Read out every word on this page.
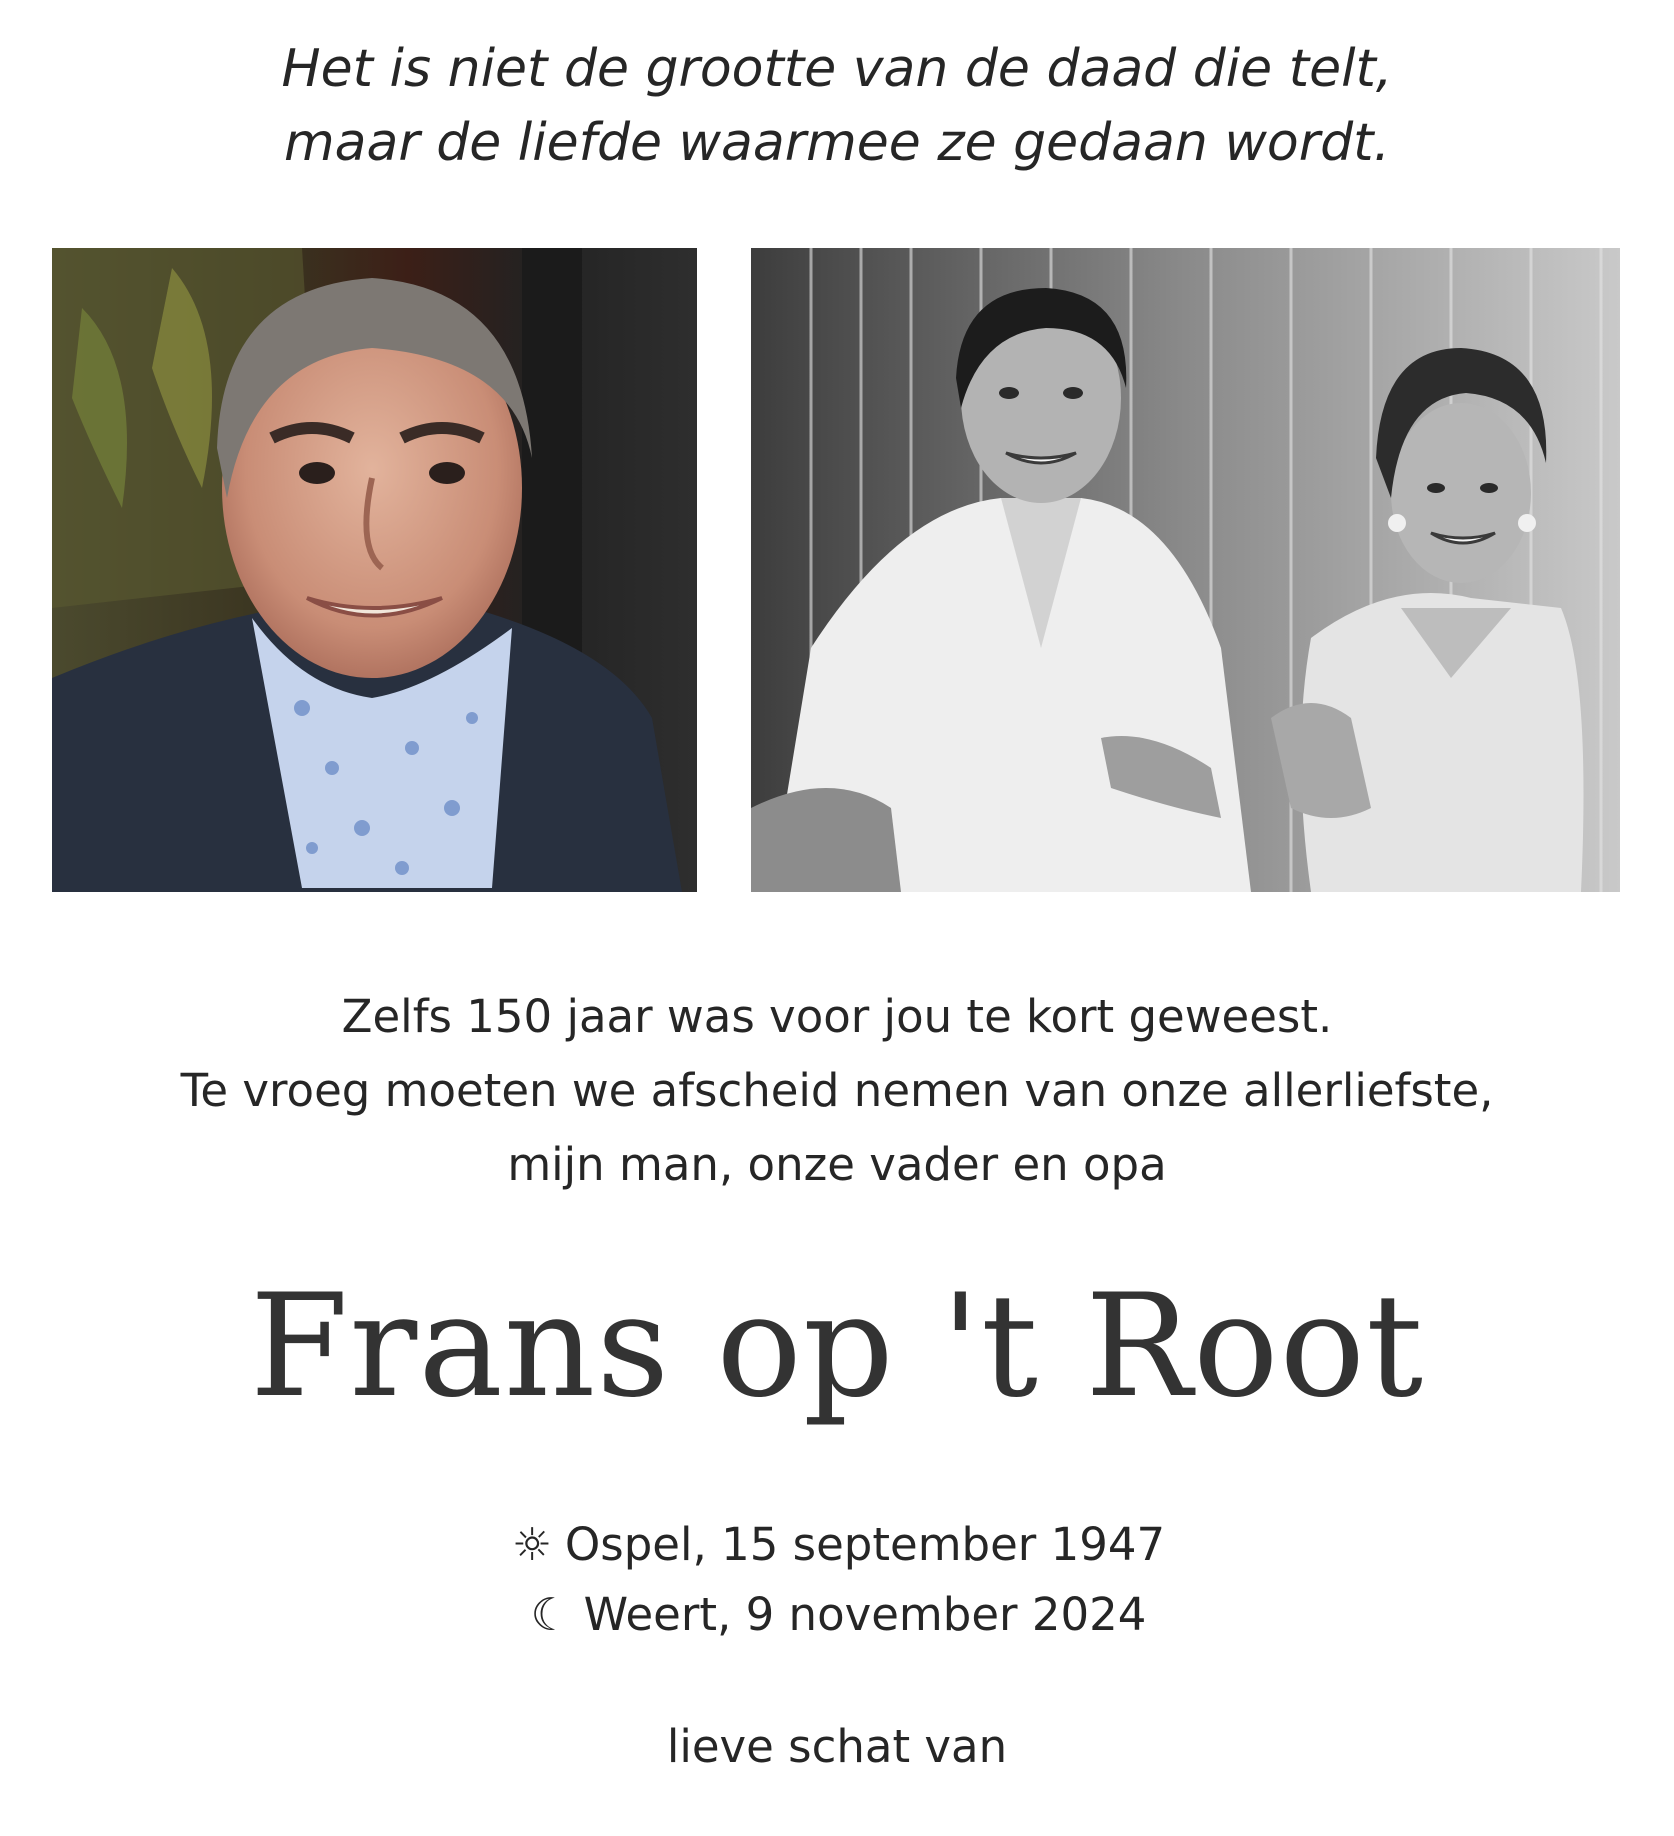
Het is niet de grootte van de daad die telt,
maar de liefde waarmee ze gedaan wordt.
Zelfs 150 jaar was voor jou te kort geweest.
Te vroeg moeten we afscheid nemen van onze allerliefste,
mijn man, onze vader en opa
Frans op 't Root
☼ Ospel, 15 september 1947
☾ Weert, 9 november 2024
lieve schat van
